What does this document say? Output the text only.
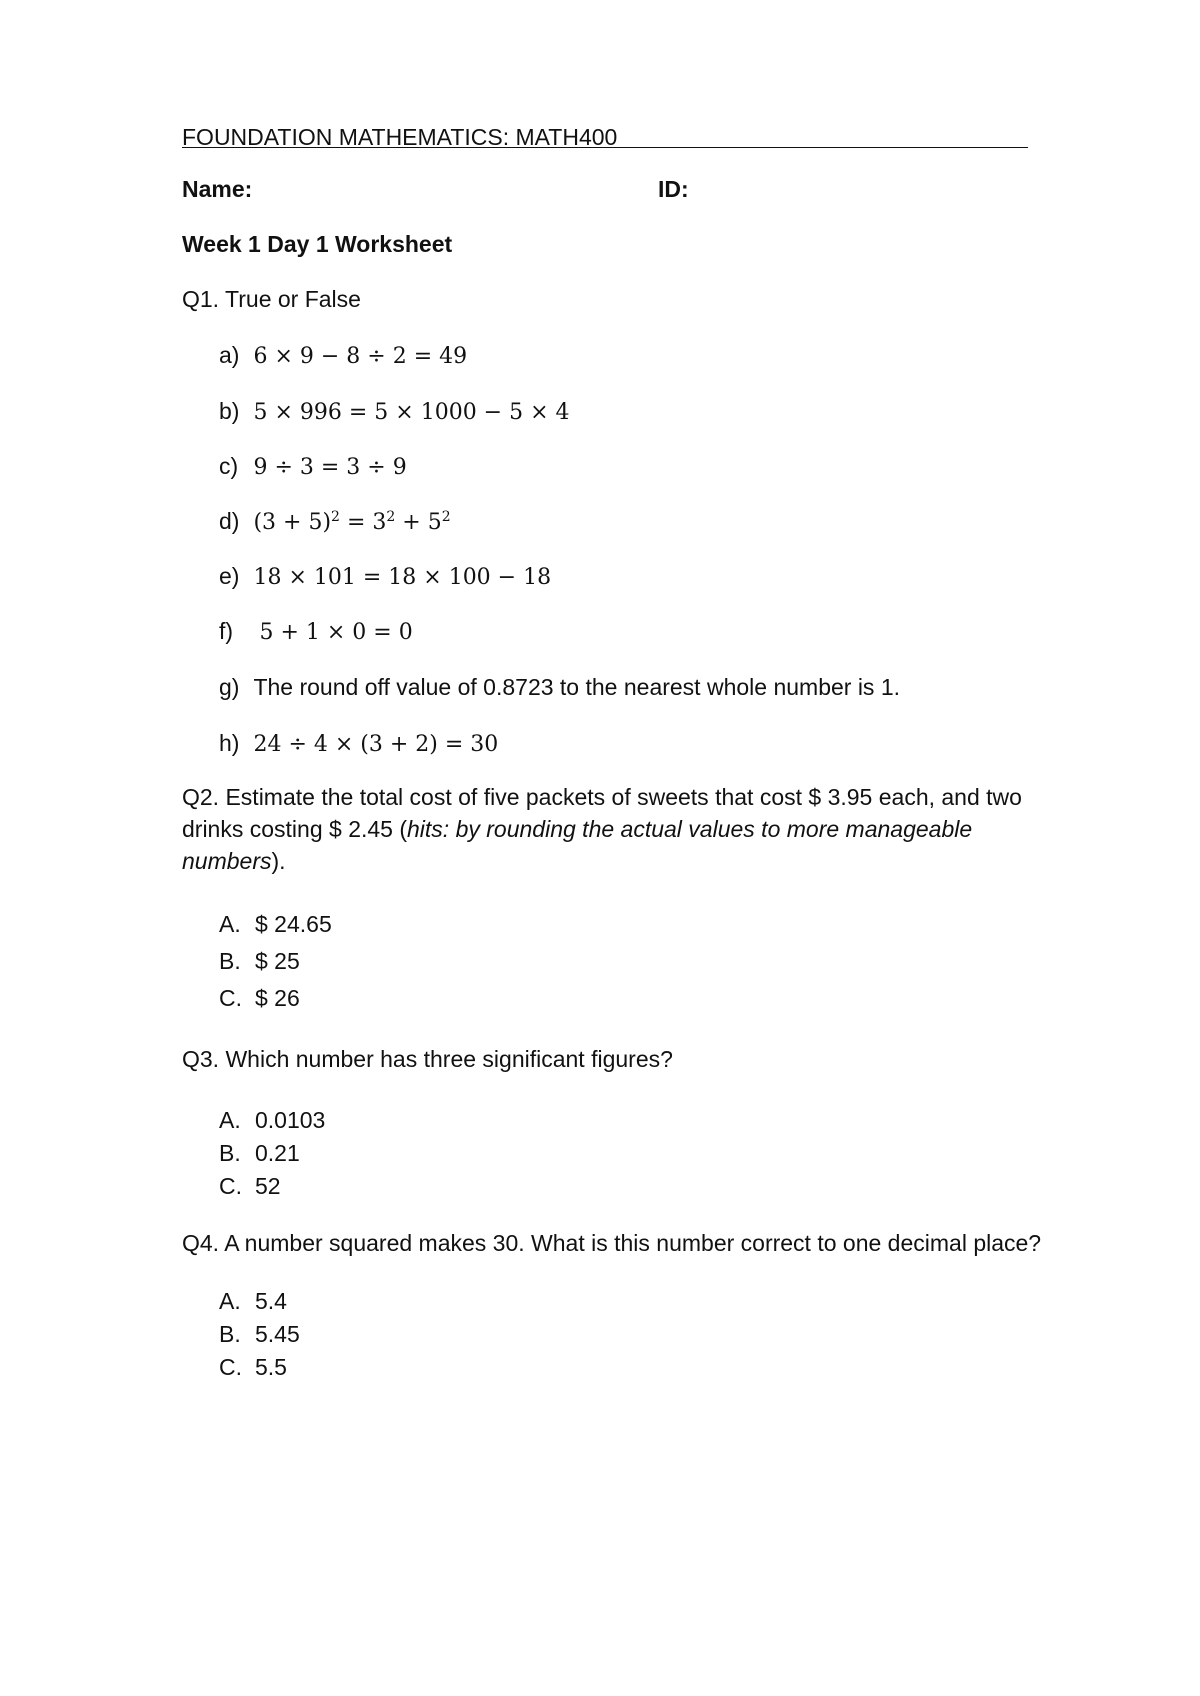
FOUNDATION MATHEMATICS: MATH400
Name:	ID:
Week 1 Day 1 Worksheet
Q1. True or False
a) 6 × 9 − 8 ÷ 2 = 49
b) 5 × 996 = 5 × 1000 − 5 × 4
c) 9 ÷ 3 = 3 ÷ 9
d) $(3 + 5)^2 = 3^2 + 5^2$
e) 18 × 101 = 18 × 100 − 18
f) 5 + 1 × 0 = 0
g) The round off value of 0.8723 to the nearest whole number is 1.
h) 24 ÷ 4 × (3 + 2) = 30
Q2. Estimate the total cost of five packets of sweets that cost $ 3.95 each, and two drinks costing $ 2.45 (hits: by rounding the actual values to more manageable numbers).
A. $ 24.65
B. $ 25
C. $ 26
Q3. Which number has three significant figures?
A. 0.0103
B. 0.21
C. 52
Q4. A number squared makes 30. What is this number correct to one decimal place?
A. 5.4
B. 5.45
C. 5.5
